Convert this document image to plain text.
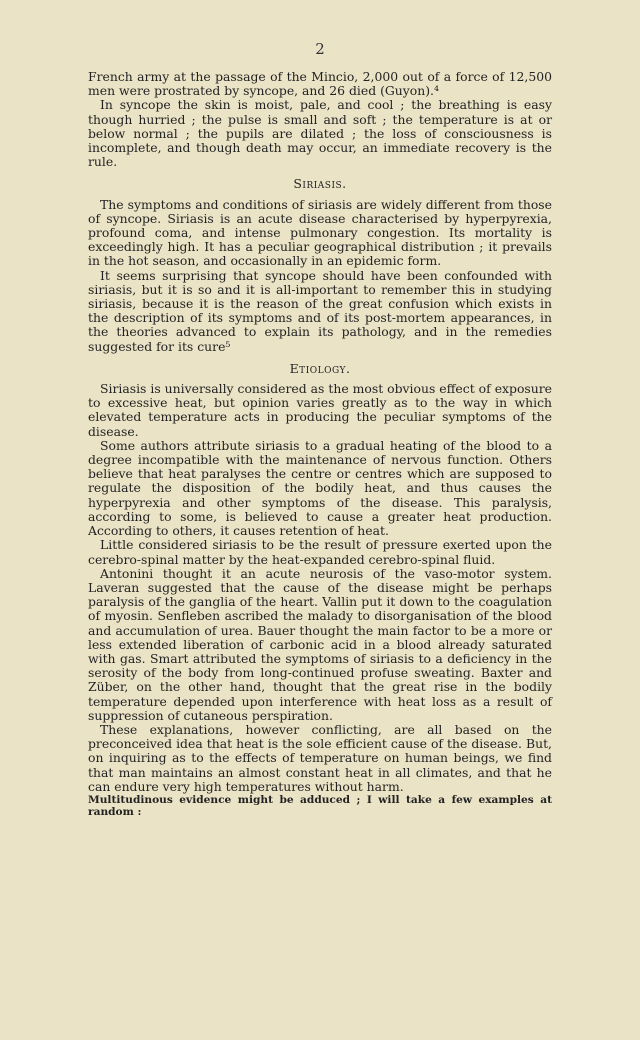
2

French army at the passage of the Mincio, 2,000 out of a force of 12,500 men were prostrated by syncope, and 26 died (Guyon).⁴

In syncope the skin is moist, pale, and cool ; the breathing is easy though hurried ; the pulse is small and soft ; the temperature is at or below normal ; the pupils are dilated ; the loss of consciousness is incomplete, and though death may occur, an immediate recovery is the rule.

Siriasis.

The symptoms and conditions of siriasis are widely different from those of syncope. Siriasis is an acute disease characterised by hyperpyrexia, profound coma, and intense pulmonary congestion. Its mortality is exceedingly high. It has a peculiar geographical distribution ; it prevails in the hot season, and occasionally in an epidemic form.

It seems surprising that syncope should have been confounded with siriasis, but it is so and it is all-important to remember this in studying siriasis, because it is the reason of the great confusion which exists in the description of its symptoms and of its post-mortem appearances, in the theories advanced to explain its pathology, and in the remedies suggested for its cure⁵

Etiology.

Siriasis is universally considered as the most obvious effect of exposure to excessive heat, but opinion varies greatly as to the way in which elevated temperature acts in producing the peculiar symptoms of the disease.

Some authors attribute siriasis to a gradual heating of the blood to a degree incompatible with the maintenance of nervous function. Others believe that heat paralyses the centre or centres which are supposed to regulate the disposition of the bodily heat, and thus causes the hyperpyrexia and other symptoms of the disease. This paralysis, according to some, is believed to cause a greater heat production. According to others, it causes retention of heat.

Little considered siriasis to be the result of pressure exerted upon the cerebro-spinal matter by the heat-expanded cerebro-spinal fluid.

Antonini thought it an acute neurosis of the vaso-motor system. Laveran suggested that the cause of the disease might be perhaps paralysis of the ganglia of the heart. Vallin put it down to the coagulation of myosin. Senfleben ascribed the malady to disorganisation of the blood and accumulation of urea. Bauer thought the main factor to be a more or less extended liberation of carbonic acid in a blood already saturated with gas. Smart attributed the symptoms of siriasis to a deficiency in the serosity of the body from long-continued profuse sweating. Baxter and Züber, on the other hand, thought that the great rise in the bodily temperature depended upon interference with heat loss as a result of suppression of cutaneous perspiration.

These explanations, however conflicting, are all based on the preconceived idea that heat is the sole efficient cause of the disease. But, on inquiring as to the effects of temperature on human beings, we find that man maintains an almost constant heat in all climates, and that he can endure very high temperatures without harm.

Multitudinous evidence might be adduced ; I will take a few examples at random :
